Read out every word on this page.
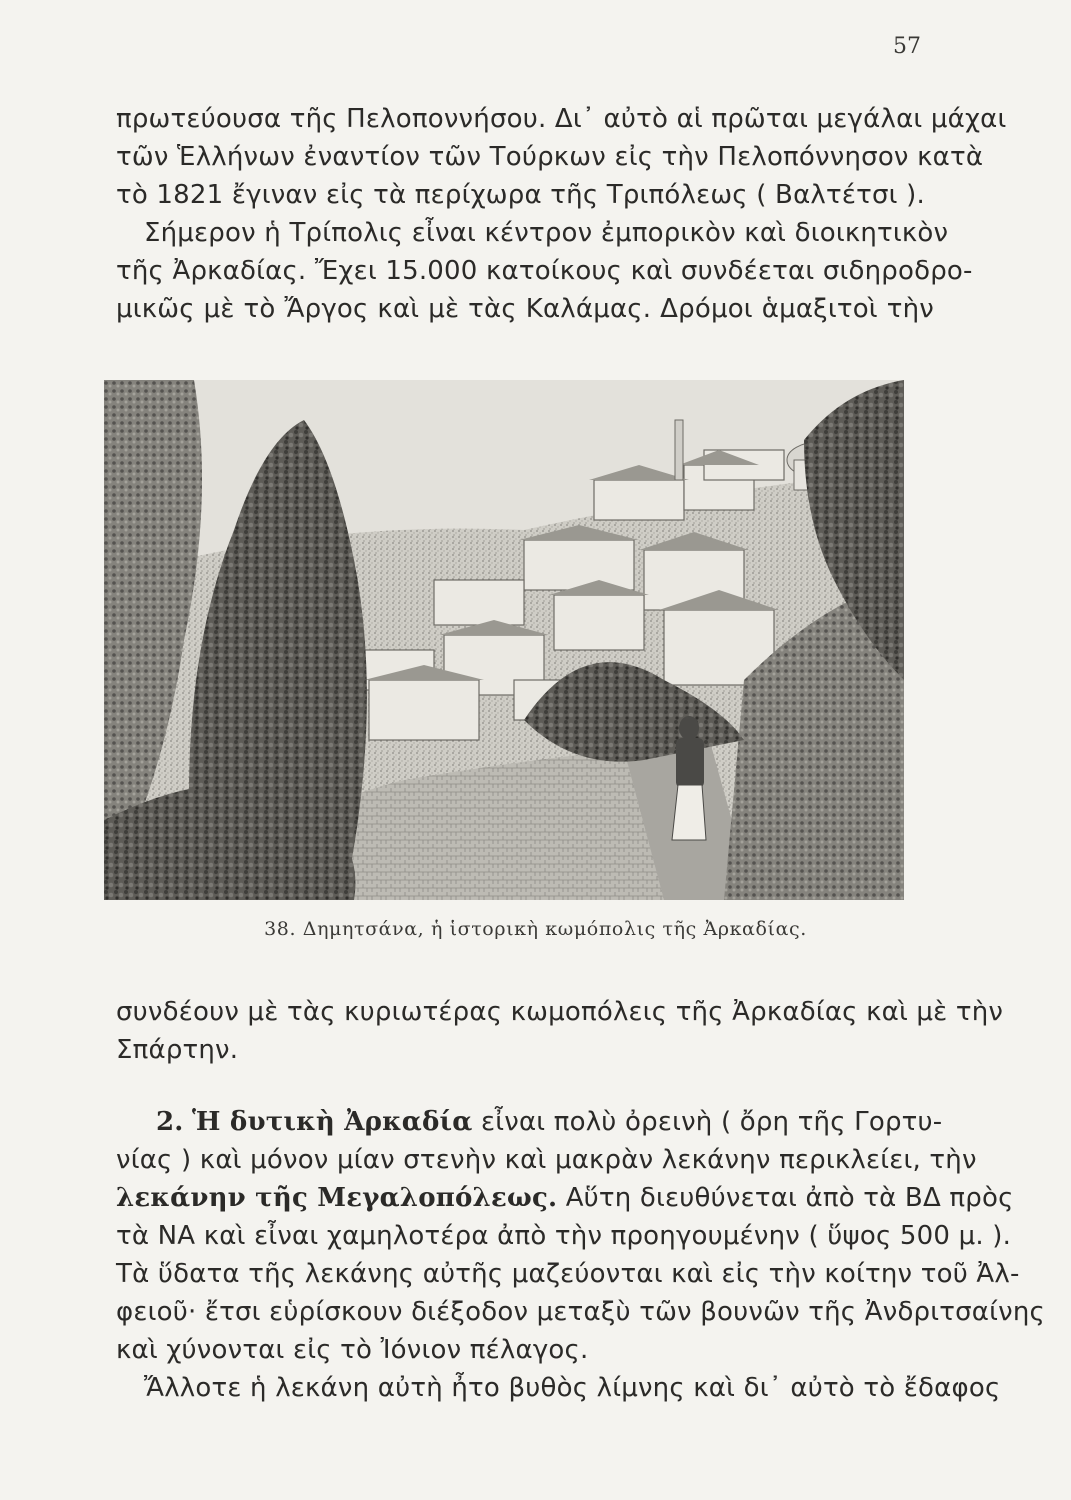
57
πρωτεύουσα τῆς Πελοποννήσου. Δι᾽ αὐτὸ αἱ πρῶται μεγάλαι μάχαι
τῶν Ἑλλήνων ἐναντίον τῶν Τούρκων εἰς τὴν Πελοπόννησον κατὰ
τὸ 1821 ἔγιναν εἰς τὰ περίχωρα τῆς Τριπόλεως ( Βαλτέτσι ).
Σήμερον ἡ Τρίπολις εἶναι κέντρον ἐμπορικὸν καὶ διοικητικὸν
τῆς Ἀρκαδίας. Ἔχει 15.000 κατοίκους καὶ συνδέεται σιδηροδρο-
μικῶς μὲ τὸ Ἄργος καὶ μὲ τὰς Καλάμας. Δρόμοι ἁμαξιτοὶ τὴν
38. Δημητσάνα, ἡ ἱστορικὴ κωμόπολις τῆς Ἀρκαδίας.
συνδέουν μὲ τὰς κυριωτέρας κωμοπόλεις τῆς Ἀρκαδίας καὶ μὲ τὴν
Σπάρτην.
2. Ἡ δυτικὴ Ἀρκαδία εἶναι πολὺ ὀρεινὴ ( ὄρη τῆς Γορτυ-
νίας ) καὶ μόνον μίαν στενὴν καὶ μακρὰν λεκάνην περικλείει, τὴν
λεκάνην τῆς Μεγαλοπόλεως. Αὕτη διευθύνεται ἀπὸ τὰ ΒΔ πρὸς
τὰ ΝΑ καὶ εἶναι χαμηλοτέρα ἀπὸ τὴν προηγουμένην ( ὕψος 500 μ. ).
Τὰ ὕδατα τῆς λεκάνης αὐτῆς μαζεύονται καὶ εἰς τὴν κοίτην τοῦ Ἀλ-
φειοῦ· ἔτσι εὑρίσκουν διέξοδον μεταξὺ τῶν βουνῶν τῆς Ἀνδριτσαίνης
καὶ χύνονται εἰς τὸ Ἰόνιον πέλαγος.
Ἄλλοτε ἡ λεκάνη αὐτὴ ἦτο βυθὸς λίμνης καὶ δι᾽ αὐτὸ τὸ ἔδαφος
